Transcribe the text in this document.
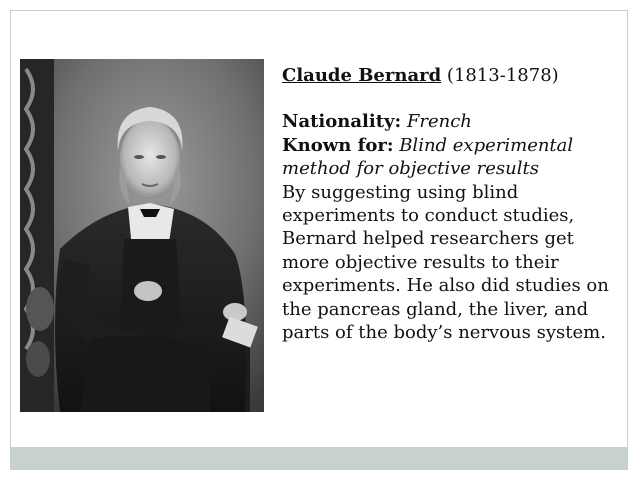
Claude Bernard (1813-1878)
Nationality: French
Known for: Blind experimental method for objective results
By suggesting using blind experiments to conduct studies, Bernard helped researchers get more objective results to their experiments. He also did studies on the pancreas gland, the liver, and parts of the body’s nervous system.
